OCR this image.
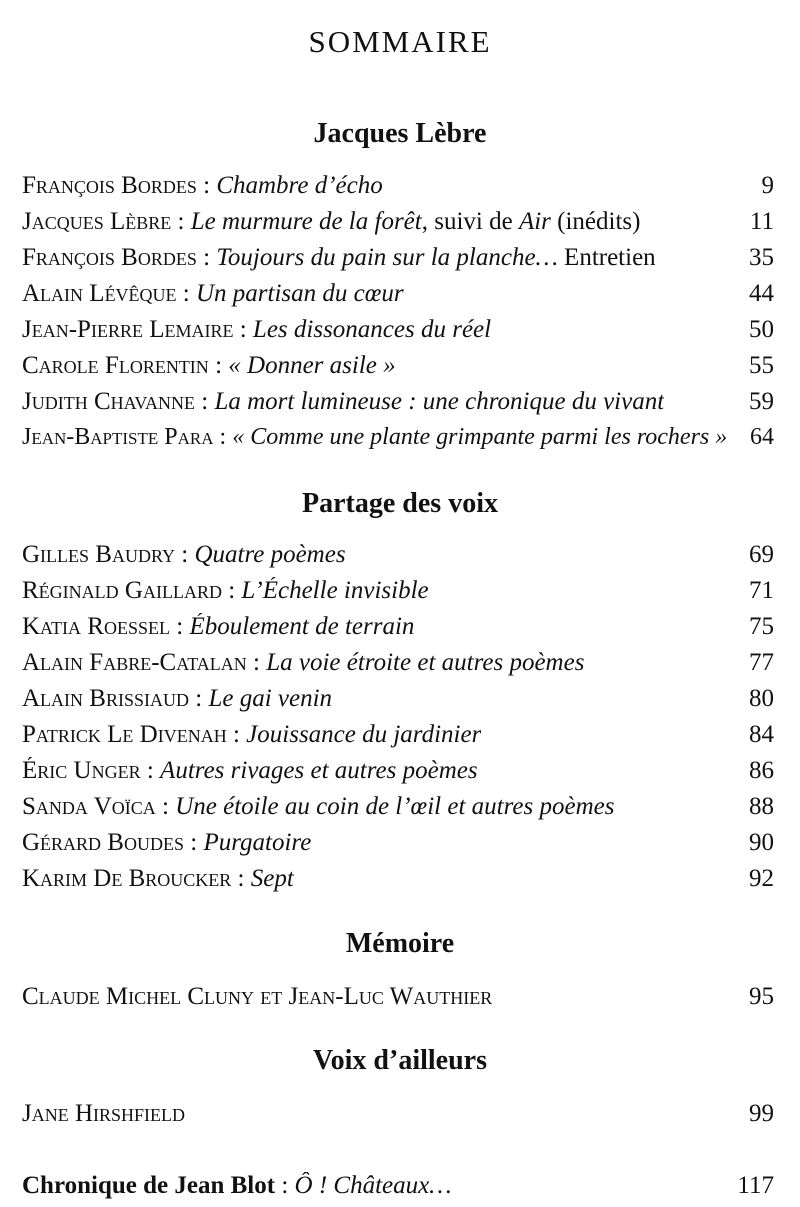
SOMMAIRE
Jacques Lèbre
François Bordes : Chambre d’écho	9
Jacques Lèbre : Le murmure de la forêt, suivi de Air (inédits)	11
François Bordes : Toujours du pain sur la planche… Entretien	35
Alain Lévêque : Un partisan du cœur	44
Jean-Pierre Lemaire : Les dissonances du réel	50
Carole Florentin : « Donner asile »	55
Judith Chavanne : La mort lumineuse : une chronique du vivant	59
Jean-Baptiste Para : « Comme une plante grimpante parmi les rochers » 64
Partage des voix
Gilles Baudry : Quatre poèmes	69
Réginald Gaillard : L’Échelle invisible	71
Katia Roessel : Éboulement de terrain	75
Alain Fabre-Catalan : La voie étroite et autres poèmes	77
Alain Brissiaud : Le gai venin	80
Patrick Le Divenah : Jouissance du jardinier	84
Éric Unger : Autres rivages et autres poèmes	86
Sanda Voïca : Une étoile au coin de l’œil et autres poèmes	88
Gérard Boudes : Purgatoire	90
Karim De Broucker : Sept	92
Mémoire
Claude Michel Cluny et Jean-Luc Wauthier	95
Voix d’ailleurs
Jane Hirshfield	99
Chronique de Jean Blot : Ô ! Châteaux…	117
